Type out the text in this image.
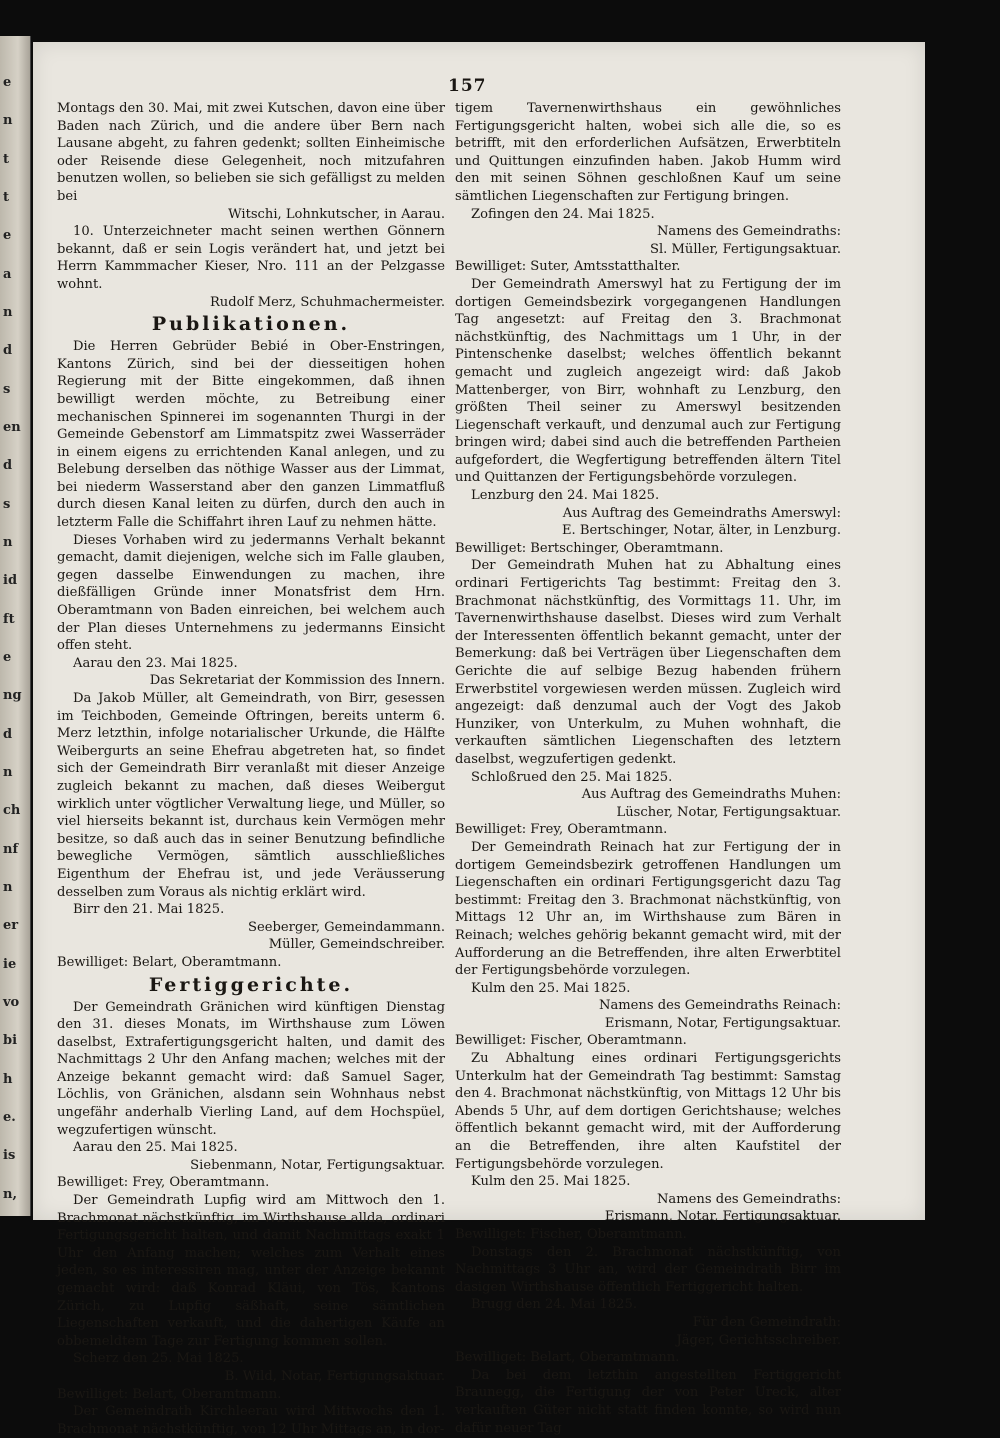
e
n
t
t
e
a
n
d
s
en
d
s
n
id
ft
e
ng
d
n
ch
nf
n
er
ie
vo
bi
h
e.
is
n,
157

Montags den 30. Mai, mit zwei Kutschen, davon eine über Baden nach Zürich, und die andere über Bern nach Lausane abgeht, zu fahren gedenkt; sollten Einheimische oder Reisende diese Gelegenheit, noch mitzufahren benutzen wollen, so belieben sie sich gefälligst zu melden bei

Witschi, Lohnkutscher, in Aarau.

10. Unterzeichneter macht seinen werthen Gönnern bekannt, daß er sein Logis verändert hat, und jetzt bei Herrn Kammmacher Kieser, Nro. 111 an der Pelzgasse wohnt.

Rudolf Merz, Schuhmachermeister.

Publikationen.

Die Herren Gebrüder Bebié in Ober-Enstringen, Kantons Zürich, sind bei der diesseitigen hohen Regierung mit der Bitte eingekommen, daß ihnen bewilligt werden möchte, zu Betreibung einer mechanischen Spinnerei im sogenannten Thurgi in der Gemeinde Gebenstorf am Limmatspitz zwei Wasserräder in einem eigens zu errichtenden Kanal anlegen, und zu Belebung derselben das nöthige Wasser aus der Limmat, bei niederm Wasserstand aber den ganzen Limmatfluß durch diesen Kanal leiten zu dürfen, durch den auch in letzterm Falle die Schiffahrt ihren Lauf zu nehmen hätte.

Dieses Vorhaben wird zu jedermanns Verhalt bekannt gemacht, damit diejenigen, welche sich im Falle glauben, gegen dasselbe Einwendungen zu machen, ihre dießfälligen Gründe inner Monatsfrist dem Hrn. Oberamtmann von Baden einreichen, bei welchem auch der Plan dieses Unternehmens zu jedermanns Einsicht offen steht.

Aarau den 23. Mai 1825.

Das Sekretariat der Kommission des Innern.

Da Jakob Müller, alt Gemeindrath, von Birr, gesessen im Teichboden, Gemeinde Oftringen, bereits unterm 6. Merz letzthin, infolge notarialischer Urkunde, die Hälfte Weibergurts an seine Ehefrau abgetreten hat, so findet sich der Gemeindrath Birr veranlaßt mit dieser Anzeige zugleich bekannt zu machen, daß dieses Weibergut wirklich unter vögtlicher Verwaltung liege, und Müller, so viel hierseits bekannt ist, durchaus kein Vermögen mehr besitze, so daß auch das in seiner Benutzung befindliche bewegliche Vermögen, sämtlich ausschließliches Eigenthum der Ehefrau ist, und jede Veräusserung desselben zum Voraus als nichtig erklärt wird.

Birr den 21. Mai 1825.

Seeberger, Gemeindammann.

Müller, Gemeindschreiber.

Bewilliget: Belart, Oberamtmann.

Fertiggerichte.

Der Gemeindrath Gränichen wird künftigen Dienstag den 31. dieses Monats, im Wirthshause zum Löwen daselbst, Extrafertigungsgericht halten, und damit des Nachmittags 2 Uhr den Anfang machen; welches mit der Anzeige bekannt gemacht wird: daß Samuel Sager, Löchlis, von Gränichen, alsdann sein Wohnhaus nebst ungefähr anderhalb Vierling Land, auf dem Hochspüel, wegzufertigen wünscht.

Aarau den 25. Mai 1825.

Siebenmann, Notar, Fertigungsaktuar.

Bewilliget: Frey, Oberamtmann.

Der Gemeindrath Lupfig wird am Mittwoch den 1. Brachmonat nächstkünftig, im Wirthshause allda, ordinari Fertigungsgericht halten, und damit Nachmittags exakt 1 Uhr den Anfang machen; welches zum Verhalt eines jeden, so es interessiren mag, unter der Anzeige bekannt gemacht wird: daß Konrad Kläui, von Tös, Kantons Zürich, zu Lupfig säßhaft, seine sämtlichen Liegenschaften verkauft, und die dahertigen Käufe an obbemeldtem Tage zur Fertigung kommen sollen.

Scherz den 25. Mai 1825.

B. Wild, Notar, Fertigungsaktuar.

Bewilliget: Belart, Oberamtmann.

Der Gemeindrath Kirchleerau wird Mittwochs den 1. Brachmonat nächstkünftig, von 12 Uhr Mittags an, in dor-

tigem Tavernenwirthshaus ein gewöhnliches Fertigungsgericht halten, wobei sich alle die, so es betrifft, mit den erforderlichen Aufsätzen, Erwerbtiteln und Quittungen einzufinden haben. Jakob Humm wird den mit seinen Söhnen geschloßnen Kauf um seine sämtlichen Liegenschaften zur Fertigung bringen.

Zofingen den 24. Mai 1825.

Namens des Gemeindraths:

Sl. Müller, Fertigungsaktuar.

Bewilliget: Suter, Amtsstatthalter.

Der Gemeindrath Amerswyl hat zu Fertigung der im dortigen Gemeindsbezirk vorgegangenen Handlungen Tag angesetzt: auf Freitag den 3. Brachmonat nächstkünftig, des Nachmittags um 1 Uhr, in der Pintenschenke daselbst; welches öffentlich bekannt gemacht und zugleich angezeigt wird: daß Jakob Mattenberger, von Birr, wohnhaft zu Lenzburg, den größten Theil seiner zu Amerswyl besitzenden Liegenschaft verkauft, und denzumal auch zur Fertigung bringen wird; dabei sind auch die betreffenden Partheien aufgefordert, die Wegfertigung betreffenden ältern Titel und Quittanzen der Fertigungsbehörde vorzulegen.

Lenzburg den 24. Mai 1825.

Aus Auftrag des Gemeindraths Amerswyl:

E. Bertschinger, Notar, älter, in Lenzburg.

Bewilliget: Bertschinger, Oberamtmann.

Der Gemeindrath Muhen hat zu Abhaltung eines ordinari Fertigerichts Tag bestimmt: Freitag den 3. Brachmonat nächstkünftig, des Vormittags 11. Uhr, im Tavernenwirthshause daselbst. Dieses wird zum Verhalt der Interessenten öffentlich bekannt gemacht, unter der Bemerkung: daß bei Verträgen über Liegenschaften dem Gerichte die auf selbige Bezug habenden frühern Erwerbstitel vorgewiesen werden müssen. Zugleich wird angezeigt: daß denzumal auch der Vogt des Jakob Hunziker, von Unterkulm, zu Muhen wohnhaft, die verkauften sämtlichen Liegenschaften des letztern daselbst, wegzufertigen gedenkt.

Schloßrued den 25. Mai 1825.

Aus Auftrag des Gemeindraths Muhen:

Lüscher, Notar, Fertigungsaktuar.

Bewilliget: Frey, Oberamtmann.

Der Gemeindrath Reinach hat zur Fertigung der in dortigem Gemeindsbezirk getroffenen Handlungen um Liegenschaften ein ordinari Fertigungsgericht dazu Tag bestimmt: Freitag den 3. Brachmonat nächstkünftig, von Mittags 12 Uhr an, im Wirthshause zum Bären in Reinach; welches gehörig bekannt gemacht wird, mit der Aufforderung an die Betreffenden, ihre alten Erwerbtitel der Fertigungsbehörde vorzulegen.

Kulm den 25. Mai 1825.

Namens des Gemeindraths Reinach:

Erismann, Notar, Fertigungsaktuar.

Bewilliget: Fischer, Oberamtmann.

Zu Abhaltung eines ordinari Fertigungsgerichts Unterkulm hat der Gemeindrath Tag bestimmt: Samstag den 4. Brachmonat nächstkünftig, von Mittags 12 Uhr bis Abends 5 Uhr, auf dem dortigen Gerichtshause; welches öffentlich bekannt gemacht wird, mit der Aufforderung an die Betreffenden, ihre alten Kaufstitel der Fertigungsbehörde vorzulegen.

Kulm den 25. Mai 1825.

Namens des Gemeindraths:

Erismann, Notar, Fertigungsaktuar.

Bewilliget: Fischer, Oberamtmann.

Donstags den 2. Brachmonat nächstkünftig, von Nachmittags 3 Uhr an, wird der Gemeindrath Birr im dasigen Wirthshause öffentlich Fertiggericht halten.

Brugg den 24. Mai 1825.

Für den Gemeindrath:

Jäger, Gerichtsschreiber.

Bewilliget: Belart, Oberamtmann.

Da bei dem letzthin angestellten Fertiggericht Braunegg, die Fertigung der von Peter Ureck, alter verkauften Güter nicht statt finden konnte, so wird nun dafür neuer Tag
